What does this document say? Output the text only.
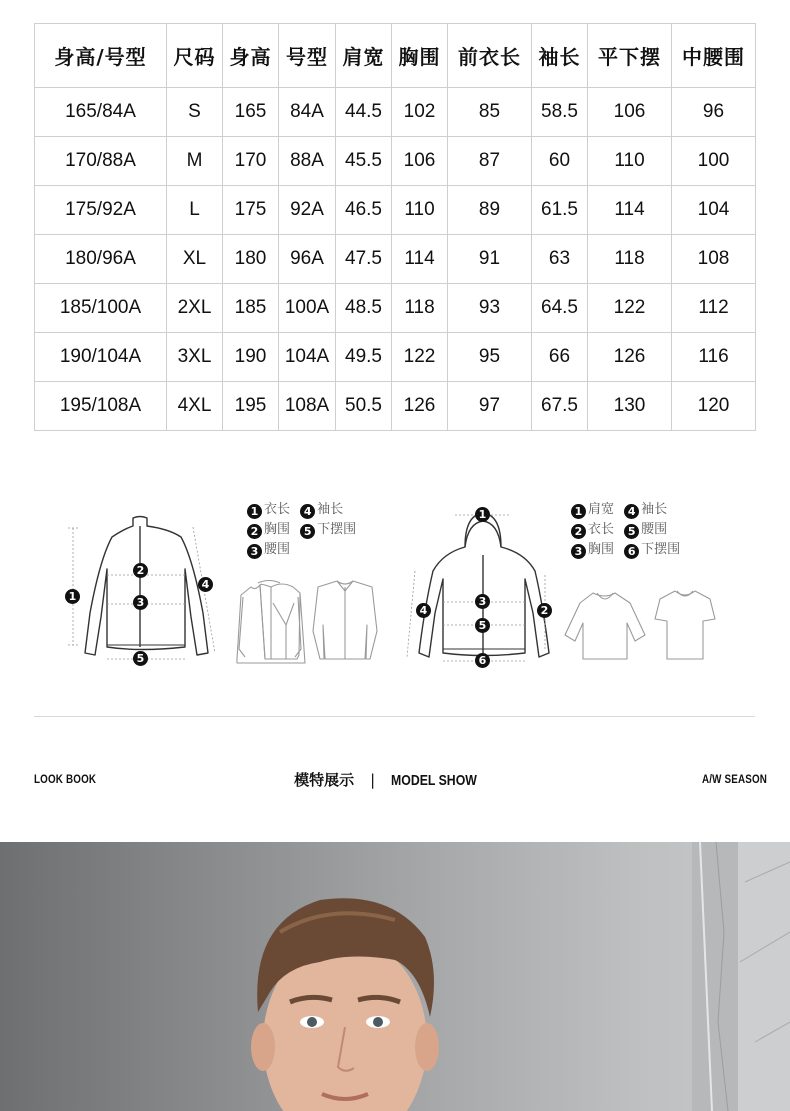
身高/号型	尺码	身高	号型	肩宽	胸围	前衣长	袖长	平下摆	中腰围
165/84A	S	165	84A	44.5	102	85	58.5	106	96
170/88A	M	170	88A	45.5	106	87	60	110	100
175/92A	L	175	92A	46.5	110	89	61.5	114	104
180/96A	XL	180	96A	47.5	114	91	63	118	108
185/100A	2XL	185	100A	48.5	118	93	64.5	122	112
190/104A	3XL	190	104A	49.5	122	95	66	126	116
195/108A	4XL	195	108A	50.5	126	97	67.5	130	120
1
2
3
4
5
1
2
3
4
5
6
1 衣长 4 袖长
2 胸围 5 下摆围
3 腰围
1 肩宽 4 袖长
2 衣长 5 腰围
3 胸围 6 下摆围
LOOK BOOK	模特展示 | MODEL SHOW	A/W SEASON
